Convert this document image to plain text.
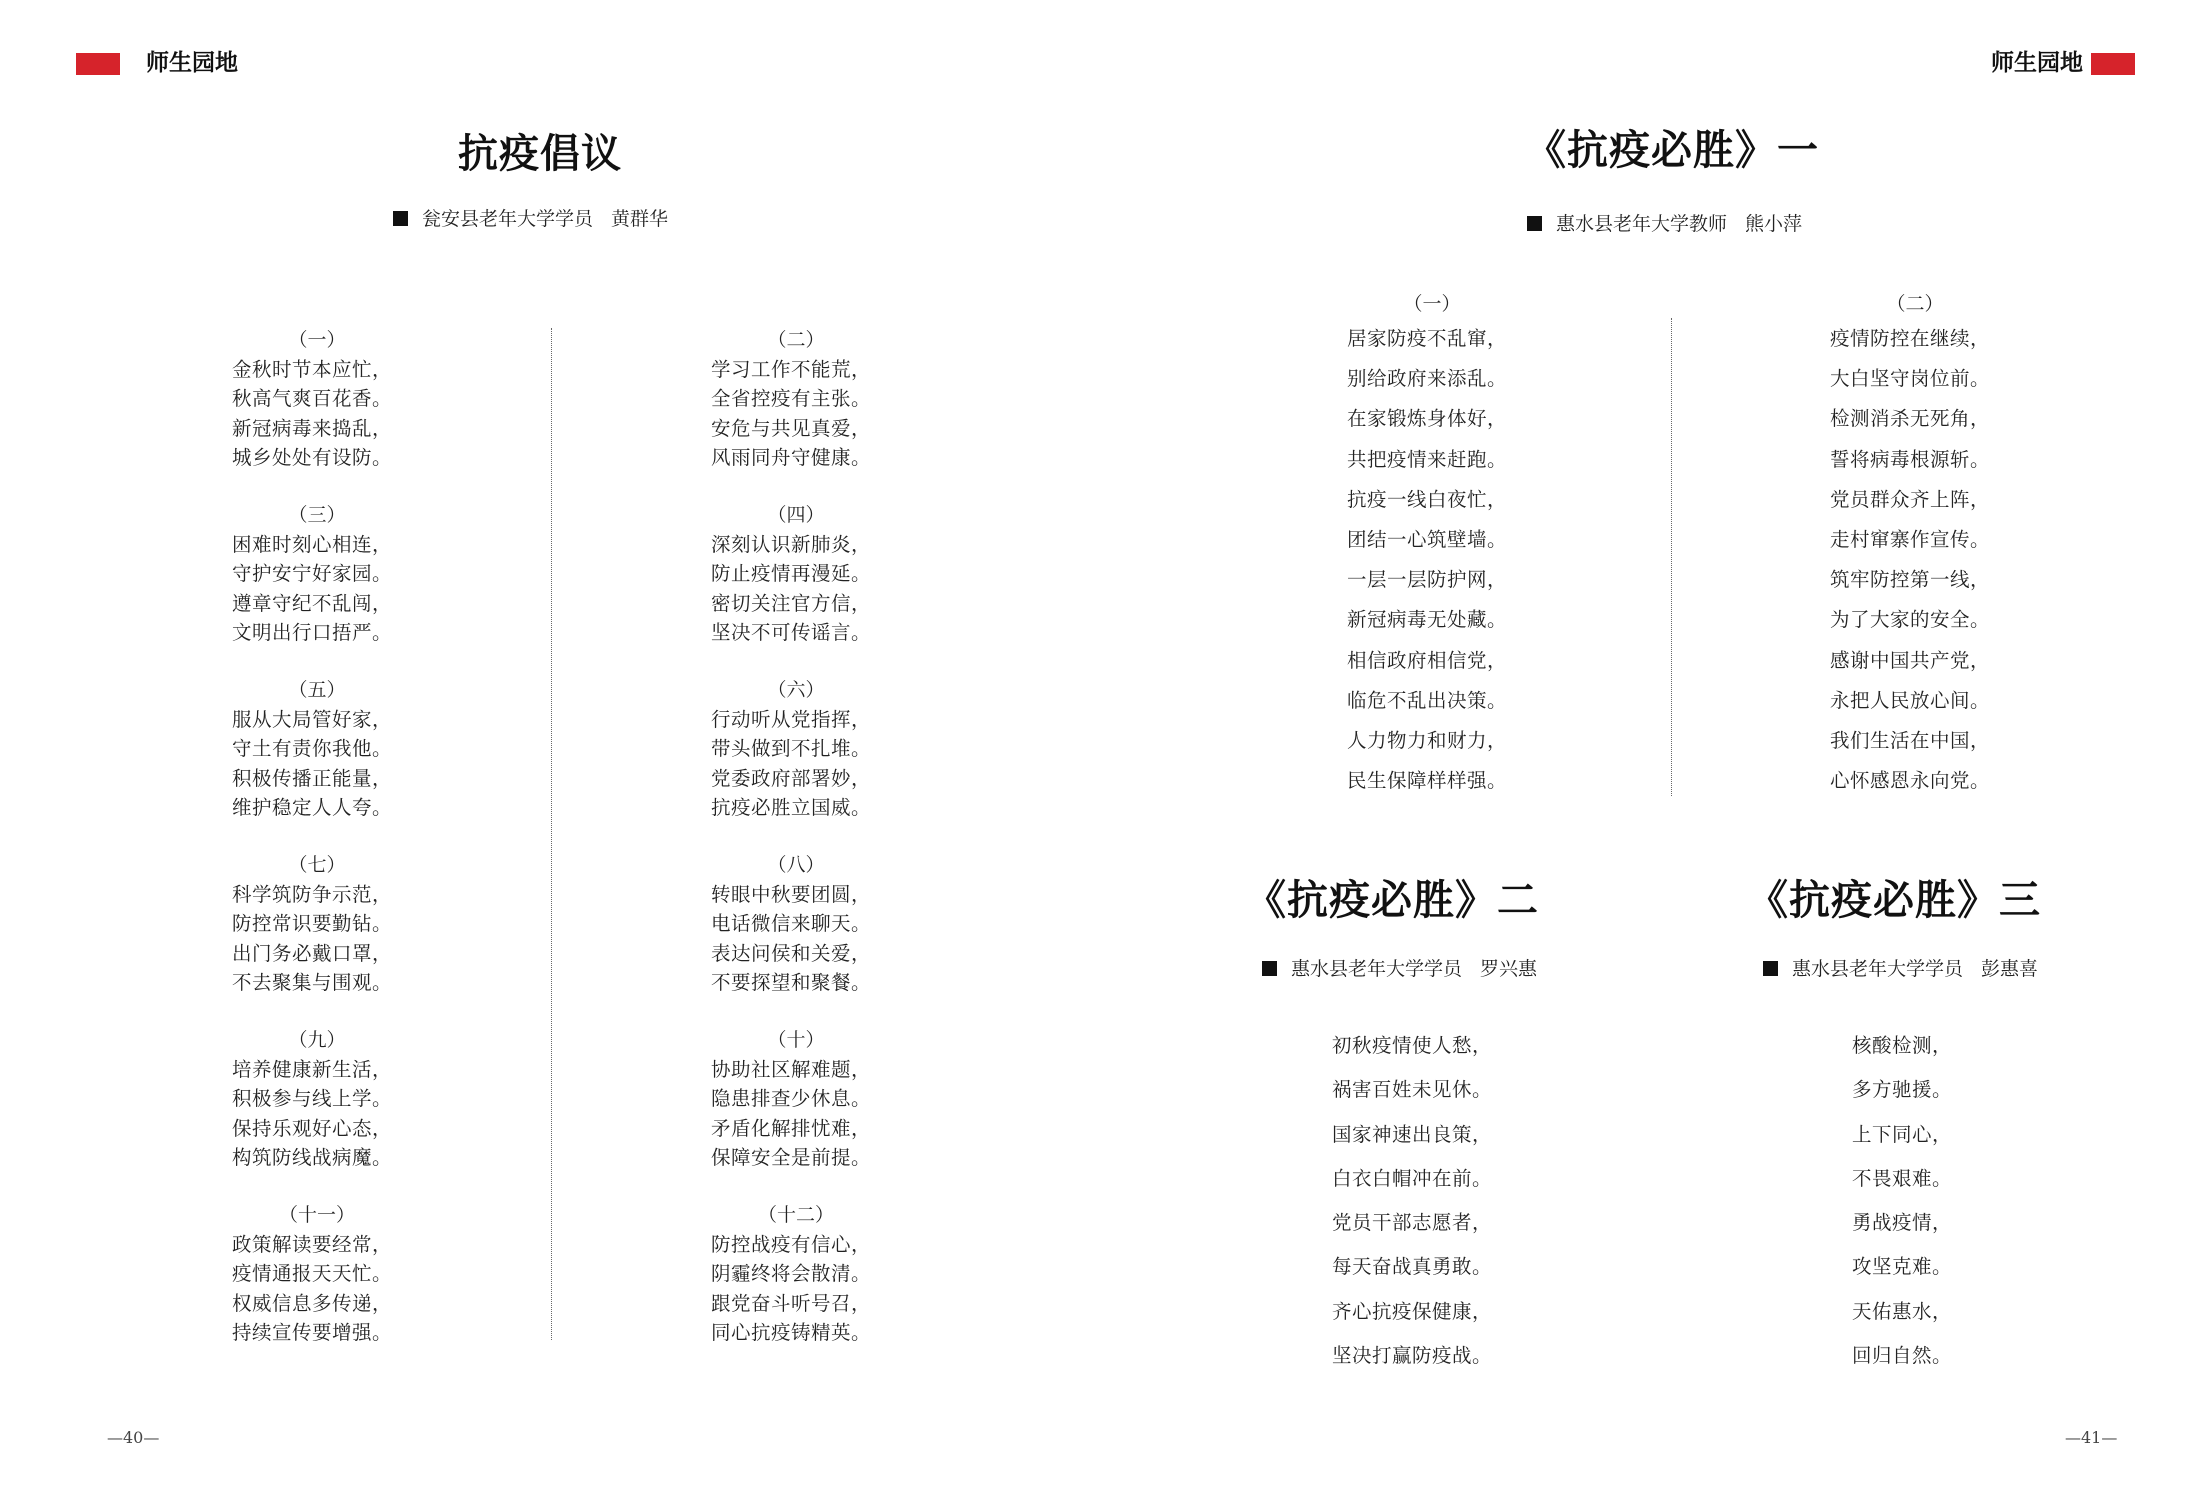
师生园地	师生园地
抗疫倡议
瓮安县老年大学学员 黄群华
（一）
金秋时节本应忙，
秋高气爽百花香。
新冠病毒来捣乱，
城乡处处有设防。
（二）
学习工作不能荒，
全省控疫有主张。
安危与共见真爱，
风雨同舟守健康。
（三）
困难时刻心相连，
守护安宁好家园。
遵章守纪不乱闯，
文明出行口捂严。
（四）
深刻认识新肺炎，
防止疫情再漫延。
密切关注官方信，
坚决不可传谣言。
（五）
服从大局管好家，
守土有责你我他。
积极传播正能量，
维护稳定人人夸。
（六）
行动听从党指挥，
带头做到不扎堆。
党委政府部署妙，
抗疫必胜立国威。
（七）
科学筑防争示范，
防控常识要勤钻。
出门务必戴口罩，
不去聚集与围观。
（八）
转眼中秋要团圆，
电话微信来聊天。
表达问侯和关爱，
不要探望和聚餐。
（九）
培养健康新生活，
积极参与线上学。
保持乐观好心态，
构筑防线战病魔。
（十）
协助社区解难题，
隐患排查少休息。
矛盾化解排忧难，
保障安全是前提。
（十一）
政策解读要经常，
疫情通报天天忙。
权威信息多传递，
持续宣传要增强。
（十二）
防控战疫有信心，
阴霾终将会散清。
跟党奋斗听号召，
同心抗疫铸精英。
《抗疫必胜》一
惠水县老年大学教师 熊小萍
（一）
居家防疫不乱窜，
别给政府来添乱。
在家锻炼身体好，
共把疫情来赶跑。
抗疫一线白夜忙，
团结一心筑壁墙。
一层一层防护网，
新冠病毒无处藏。
相信政府相信党，
临危不乱出决策。
人力物力和财力，
民生保障样样强。
（二）
疫情防控在继续，
大白坚守岗位前。
检测消杀无死角，
誓将病毒根源斩。
党员群众齐上阵，
走村窜寨作宣传。
筑牢防控第一线，
为了大家的安全。
感谢中国共产党，
永把人民放心间。
我们生活在中国，
心怀感恩永向党。
《抗疫必胜》二
惠水县老年大学学员 罗兴惠
初秋疫情使人愁，
祸害百姓未见休。
国家神速出良策，
白衣白帽冲在前。
党员干部志愿者，
每天奋战真勇敢。
齐心抗疫保健康，
坚决打赢防疫战。
《抗疫必胜》三
惠水县老年大学学员 彭惠喜
核酸检测，
多方驰援。
上下同心，
不畏艰难。
勇战疫情，
攻坚克难。
天佑惠水，
回归自然。
—40—	—41—
